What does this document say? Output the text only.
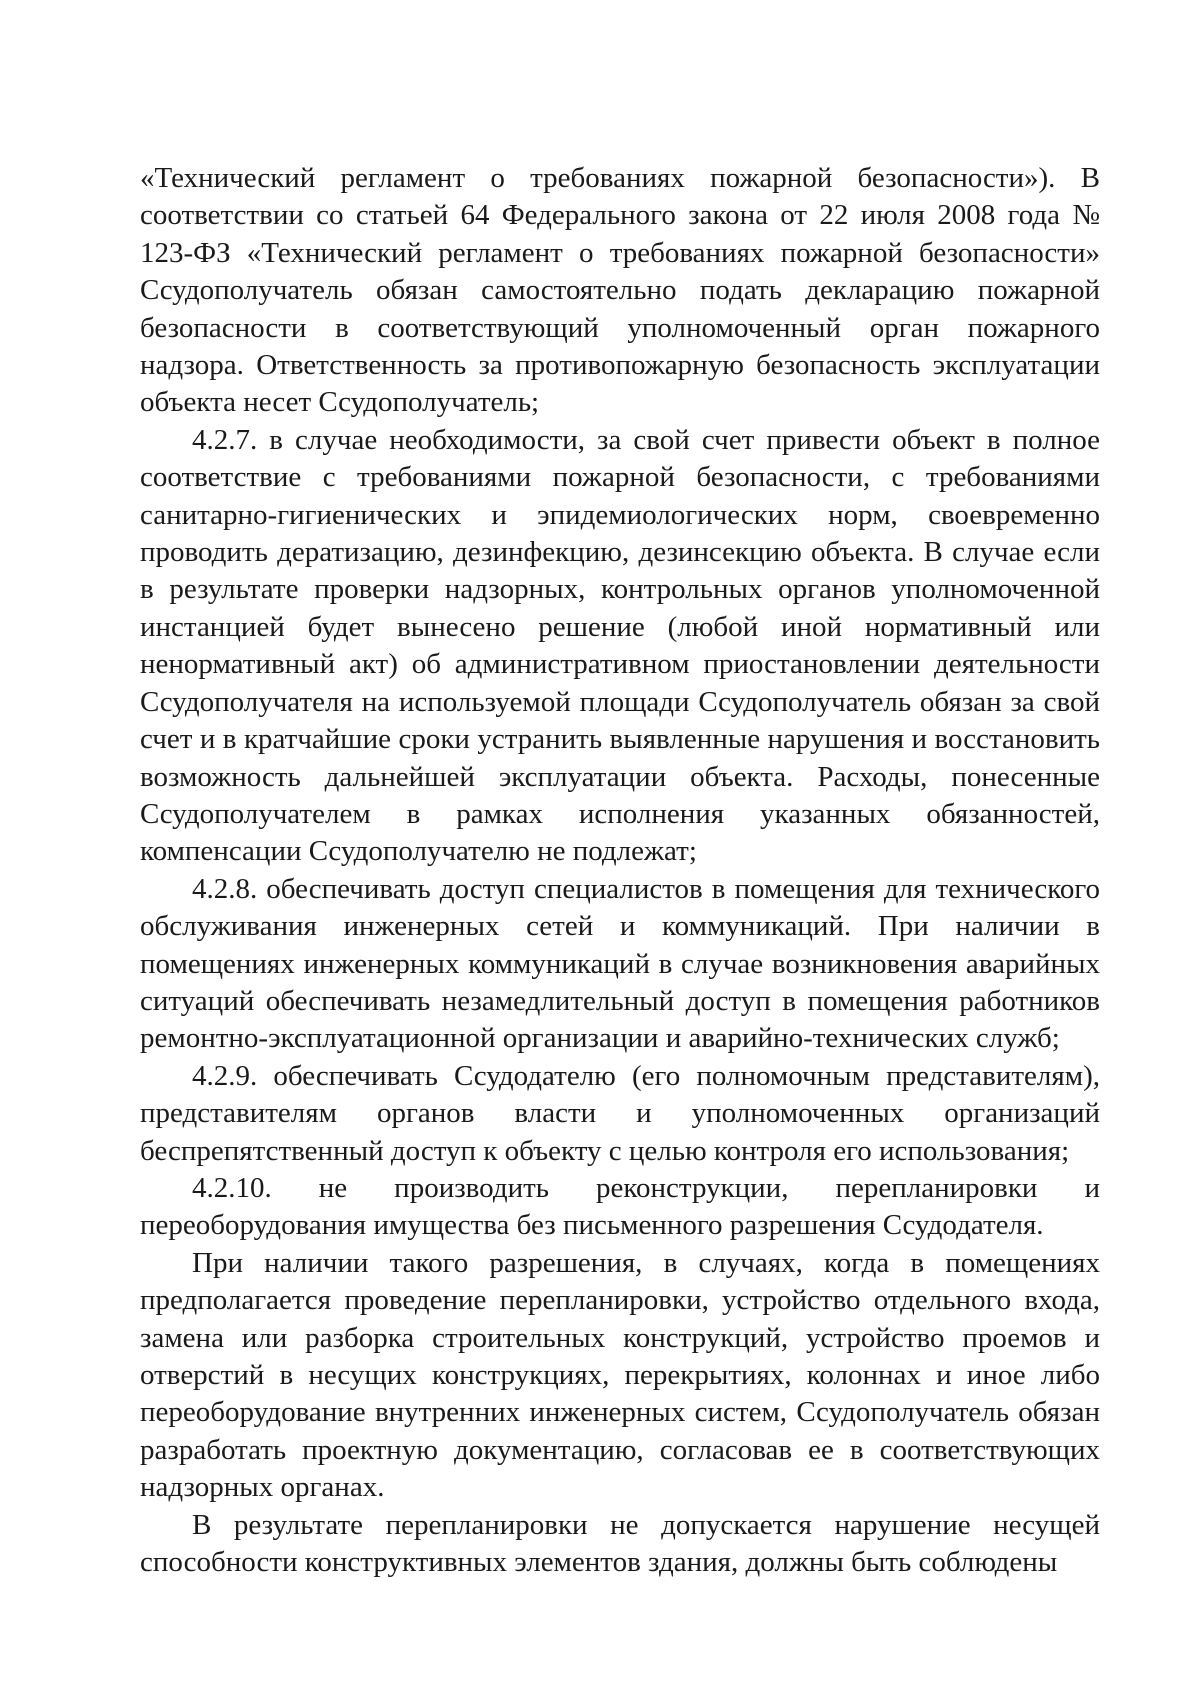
«Технический регламент о требованиях пожарной безопасности»). В соответствии со статьей 64 Федерального закона от 22 июля 2008 года № 123-ФЗ «Технический регламент о требованиях пожарной безопасности» Ссудополучатель обязан самостоятельно подать декларацию пожарной безопасности в соответствующий уполномоченный орган пожарного надзора. Ответственность за противопожарную безопасность эксплуатации объекта несет Ссудополучатель;

4.2.7. в случае необходимости, за свой счет привести объект в полное соответствие с требованиями пожарной безопасности, с требованиями санитарно-гигиенических и эпидемиологических норм, своевременно проводить дератизацию, дезинфекцию, дезинсекцию объекта. В случае если в результате проверки надзорных, контрольных органов уполномоченной инстанцией будет вынесено решение (любой иной нормативный или ненормативный акт) об административном приостановлении деятельности Ссудополучателя на используемой площади Ссудополучатель обязан за свой счет и в кратчайшие сроки устранить выявленные нарушения и восстановить возможность дальнейшей эксплуатации объекта. Расходы, понесенные Ссудополучателем в рамках исполнения указанных обязанностей, компенсации Ссудополучателю не подлежат;

4.2.8. обеспечивать доступ специалистов в помещения для технического обслуживания инженерных сетей и коммуникаций. При наличии в помещениях инженерных коммуникаций в случае возникновения аварийных ситуаций обеспечивать незамедлительный доступ в помещения работников ремонтно-эксплуатационной организации и аварийно-технических служб;

4.2.9. обеспечивать Ссудодателю (его полномочным представителям), представителям органов власти и уполномоченных организаций беспрепятственный доступ к объекту с целью контроля его использования;

4.2.10. не производить реконструкции, перепланировки и переоборудования имущества без письменного разрешения Ссудодателя.

При наличии такого разрешения, в случаях, когда в помещениях предполагается проведение перепланировки, устройство отдельного входа, замена или разборка строительных конструкций, устройство проемов и отверстий в несущих конструкциях, перекрытиях, колоннах и иное либо переоборудование внутренних инженерных систем, Ссудополучатель обязан разработать проектную документацию, согласовав ее в соответствующих надзорных органах.

В результате перепланировки не допускается нарушение несущей способности конструктивных элементов здания, должны быть соблюдены
